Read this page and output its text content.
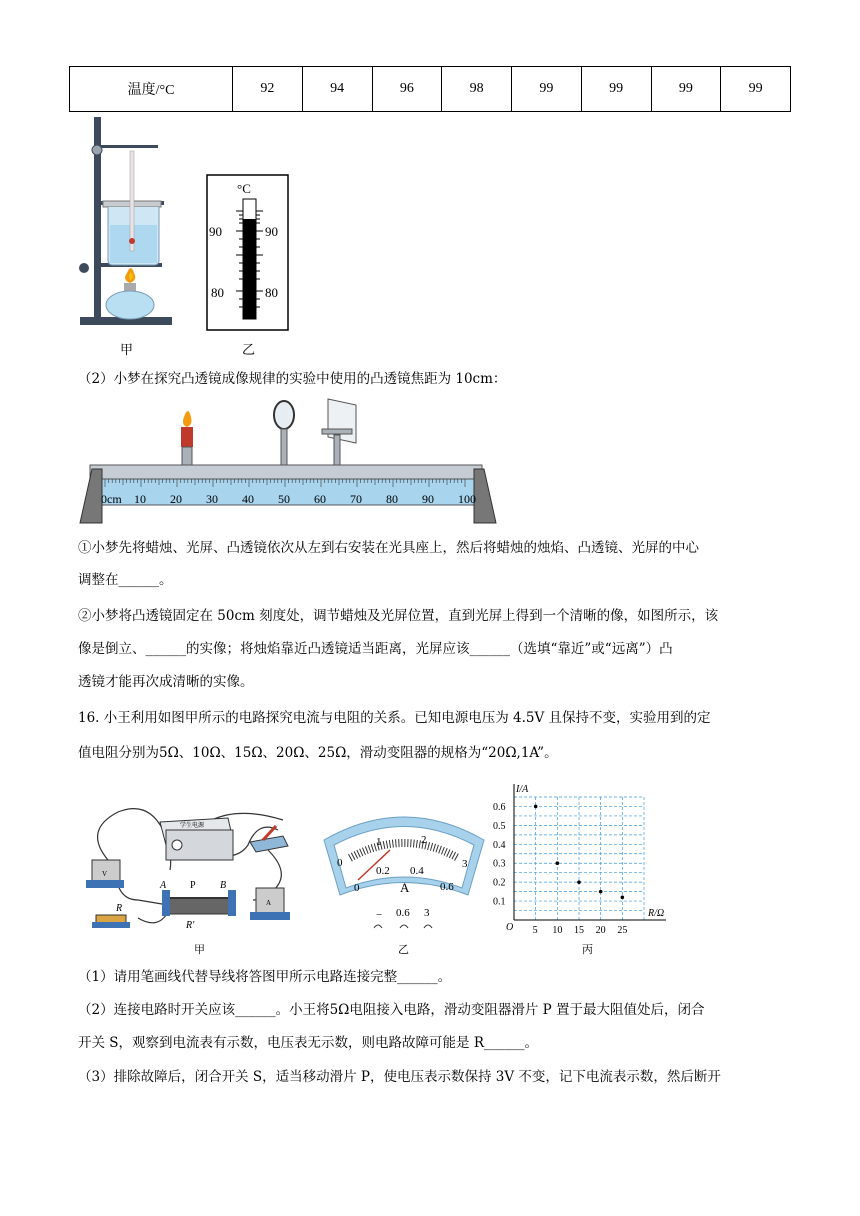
温度/°C	92	94	96	98	99	99	99	99
甲
°C
90	90
80	80
乙
（2）小梦在探究凸透镜成像规律的实验中使用的凸透镜焦距为 10cm：
0cm 10 20 30 40 50 60 70 80 90 100
①小梦先将蜡烛、光屏、凸透镜依次从左到右安装在光具座上，然后将蜡烛的烛焰、凸透镜、光屏的中心
调整在______。
②小梦将凸透镜固定在 50cm 刻度处，调节蜡烛及光屏位置，直到光屏上得到一个清晰的像，如图所示，该
像是倒立、______的实像；将烛焰靠近凸透镜适当距离，光屏应该______（选填“靠近”或“远离”）凸
透镜才能再次成清晰的实像。
16. 小王利用如图甲所示的电路探究电流与电阻的关系。已知电源电压为 4.5V 且保持不变，实验用到的定
值电阻分别为5Ω、10Ω、15Ω、20Ω、25Ω，滑动变阻器的规格为“20Ω,1A”。
学生电源
V
R
A P B
R′
A
甲
0
1	2
3
0
0.2 0.4
0.6
A
− 0.6 3
乙
5 10 15 20 25
0.1
0.2
0.3
0.4
0.5
0.6
I/A
R/Ω
O
丙
（1）请用笔画线代替导线将答图甲所示电路连接完整______。
（2）连接电路时开关应该______。小王将5Ω电阻接入电路，滑动变阻器滑片 P 置于最大阻值处后，闭合
开关 S，观察到电流表有示数，电压表无示数，则电路故障可能是 R______。
（3）排除故障后，闭合开关 S，适当移动滑片 P，使电压表示数保持 3V 不变，记下电流表示数，然后断开
